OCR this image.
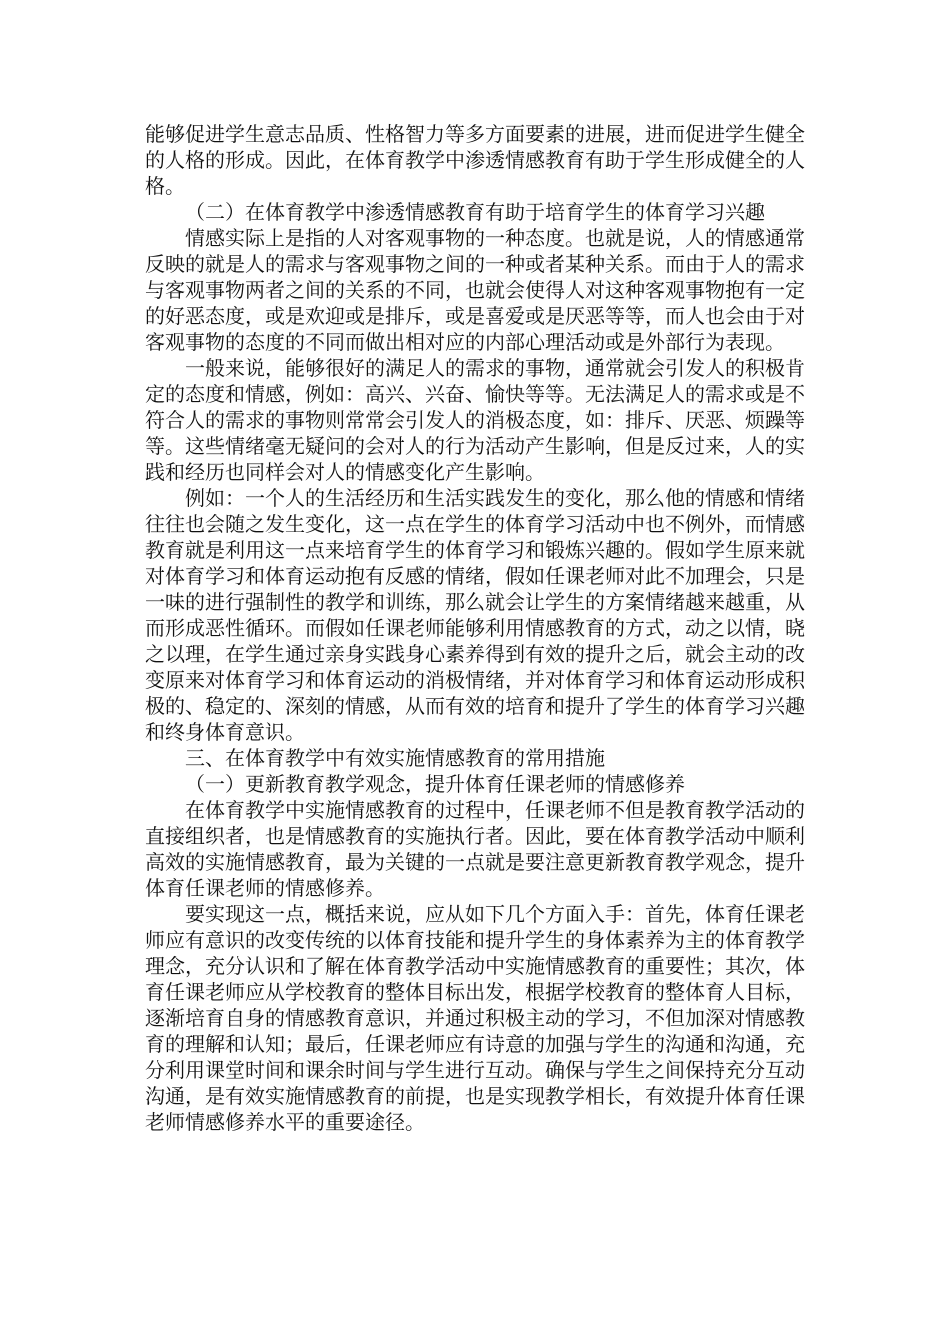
能够促进学生意志品质、性格智力等多方面要素的进展，进而促进学生健全的人格的形成。因此，在体育教学中渗透情感教育有助于学生形成健全的人格。

（二）在体育教学中渗透情感教育有助于培育学生的体育学习兴趣

情感实际上是指的人对客观事物的一种态度。也就是说，人的情感通常反映的就是人的需求与客观事物之间的一种或者某种关系。而由于人的需求与客观事物两者之间的关系的不同，也就会使得人对这种客观事物抱有一定的好恶态度，或是欢迎或是排斥，或是喜爱或是厌恶等等，而人也会由于对客观事物的态度的不同而做出相对应的内部心理活动或是外部行为表现。

一般来说，能够很好的满足人的需求的事物，通常就会引发人的积极肯定的态度和情感，例如：高兴、兴奋、愉快等等。无法满足人的需求或是不符合人的需求的事物则常常会引发人的消极态度，如：排斥、厌恶、烦躁等等。这些情绪毫无疑问的会对人的行为活动产生影响，但是反过来，人的实践和经历也同样会对人的情感变化产生影响。

例如：一个人的生活经历和生活实践发生的变化，那么他的情感和情绪往往也会随之发生变化，这一点在学生的体育学习活动中也不例外，而情感教育就是利用这一点来培育学生的体育学习和锻炼兴趣的。假如学生原来就对体育学习和体育运动抱有反感的情绪，假如任课老师对此不加理会，只是一味的进行强制性的教学和训练，那么就会让学生的方案情绪越来越重，从而形成恶性循环。而假如任课老师能够利用情感教育的方式，动之以情，晓之以理，在学生通过亲身实践身心素养得到有效的提升之后，就会主动的改变原来对体育学习和体育运动的消极情绪，并对体育学习和体育运动形成积极的、稳定的、深刻的情感，从而有效的培育和提升了学生的体育学习兴趣和终身体育意识。

三、在体育教学中有效实施情感教育的常用措施

（一）更新教育教学观念，提升体育任课老师的情感修养

在体育教学中实施情感教育的过程中，任课老师不但是教育教学活动的直接组织者，也是情感教育的实施执行者。因此，要在体育教学活动中顺利高效的实施情感教育，最为关键的一点就是要注意更新教育教学观念，提升体育任课老师的情感修养。

要实现这一点，概括来说，应从如下几个方面入手：首先，体育任课老师应有意识的改变传统的以体育技能和提升学生的身体素养为主的体育教学理念，充分认识和了解在体育教学活动中实施情感教育的重要性；其次，体育任课老师应从学校教育的整体目标出发，根据学校教育的整体育人目标，逐渐培育自身的情感教育意识，并通过积极主动的学习，不但加深对情感教育的理解和认知；最后，任课老师应有诗意的加强与学生的沟通和沟通，充分利用课堂时间和课余时间与学生进行互动。确保与学生之间保持充分互动沟通，是有效实施情感教育的前提，也是实现教学相长，有效提升体育任课老师情感修养水平的重要途径。
